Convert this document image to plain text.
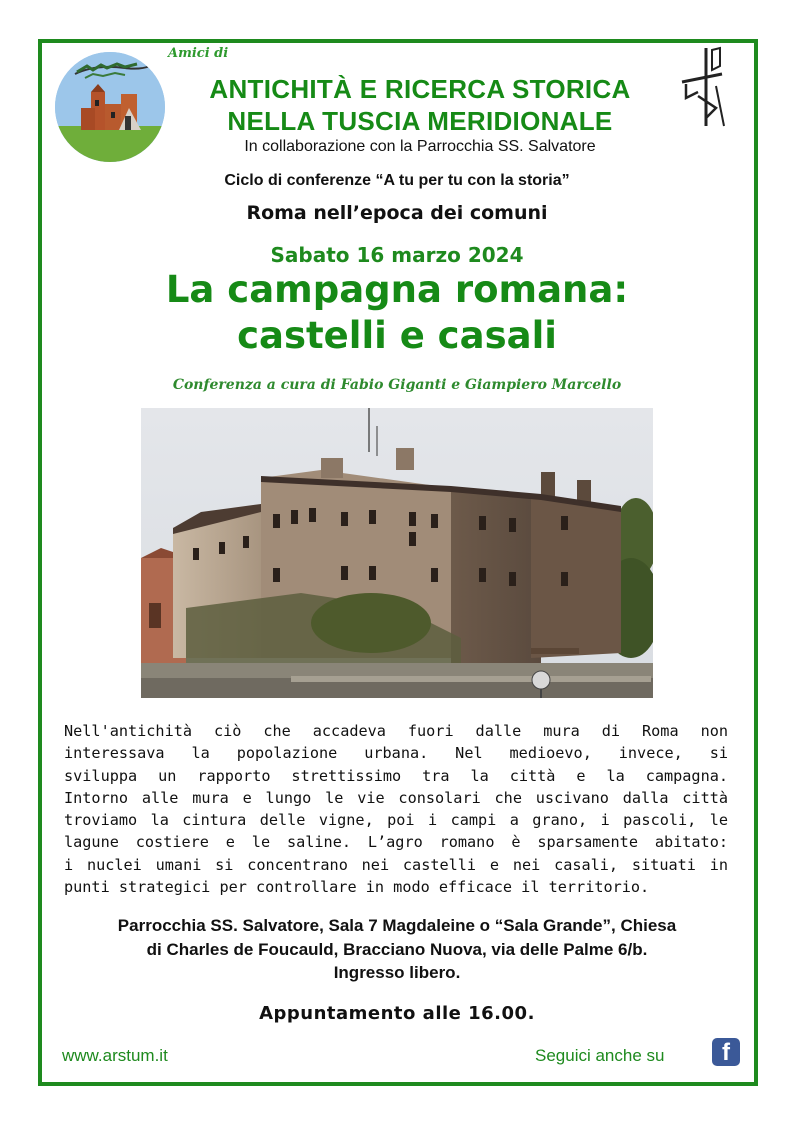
Amici di
ANTICHITÀ E RICERCA STORICA
NELLA TUSCIA MERIDIONALE
In collaborazione con la Parrocchia SS. Salvatore
Ciclo di conferenze “A tu per tu con la storia”
Roma nell’epoca dei comuni
Sabato 16 marzo 2024
La campagna romana:
castelli e casali
Conferenza a cura di Fabio Giganti e Giampiero Marcello
Nell'antichità ciò che accadeva fuori dalle mura di Roma non
interessava la popolazione urbana. Nel medioevo, invece, si
sviluppa un rapporto strettissimo tra la città e la campagna.
Intorno alle mura e lungo le vie consolari che uscivano dalla città
troviamo la cintura delle vigne, poi i campi a grano, i pascoli, le
lagune costiere e le saline. L’agro romano è sparsamente abitato:
i nuclei umani si concentrano nei castelli e nei casali, situati in
punti strategici per controllare in modo efficace il territorio.
Parrocchia SS. Salvatore, Sala 7 Magdaleine o “Sala Grande”, Chiesa
di Charles de Foucauld, Bracciano Nuova, via delle Palme 6/b.
Ingresso libero.
Appuntamento alle 16.00.
www.arstum.it	Seguici anche su	f
